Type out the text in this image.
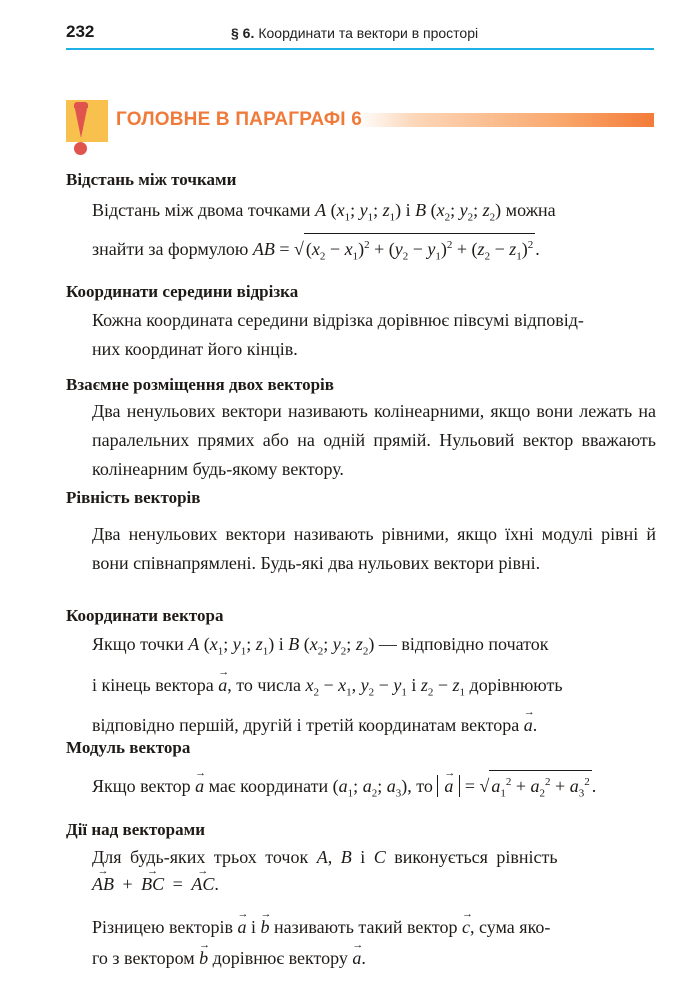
232	§ 6. Координати та вектори в просторі
ГОЛОВНЕ В ПАРАГРАФІ 6

Відстань між точками

Відстань між двома точками A ($x_1$; $y_1$; $z_1$) і B ($x_2$; $y_2$; $z_2$) можна
знайти за формулою AB = √ $(x_2 - x_1)^2 + (y_2 - y_1)^2 + (z_2 - z_1)^2$ .

Координати середини відрізка

Кожна координата середини відрізка дорівнює півсумі відповід-
них координат його кінців.

Взаємне розміщення двох векторів

Два ненульових вектори називають колінеарними, якщо вони лежать на паралельних прямих або на одній прямій. Нульовий вектор вважають колінеарним будь-якому вектору.

Рівність векторів

Два ненульових вектори називають рівними, якщо їхні модулі рівні й вони співнапрямлені. Будь-які два нульових вектори рівні.

Координати вектора

Якщо точки A ($x_1$; $y_1$; $z_1$) і B ($x_2$; $y_2$; $z_2$) — відповідно початок
і кінець вектора → a, то числа $x_2 - x_1$, $y_2 - y_1$ і $z_2 - z_1$ дорівнюють
відповідно першій, другій і третій координатам вектора → a.

Модуль вектора

Якщо вектор → a має координати ($a_1$; $a_2$; $a_3$), то → a = √ $a_1^2 + a_2^2 + a_3^2$ .

Дії над векторами

Для будь-яких трьох точок A, B і C виконується рівність
→ AB + → BC = → AC.

Різницею векторів → a і → b називають такий вектор → c, сума яко-
го з вектором → b дорівнює вектору → a.
